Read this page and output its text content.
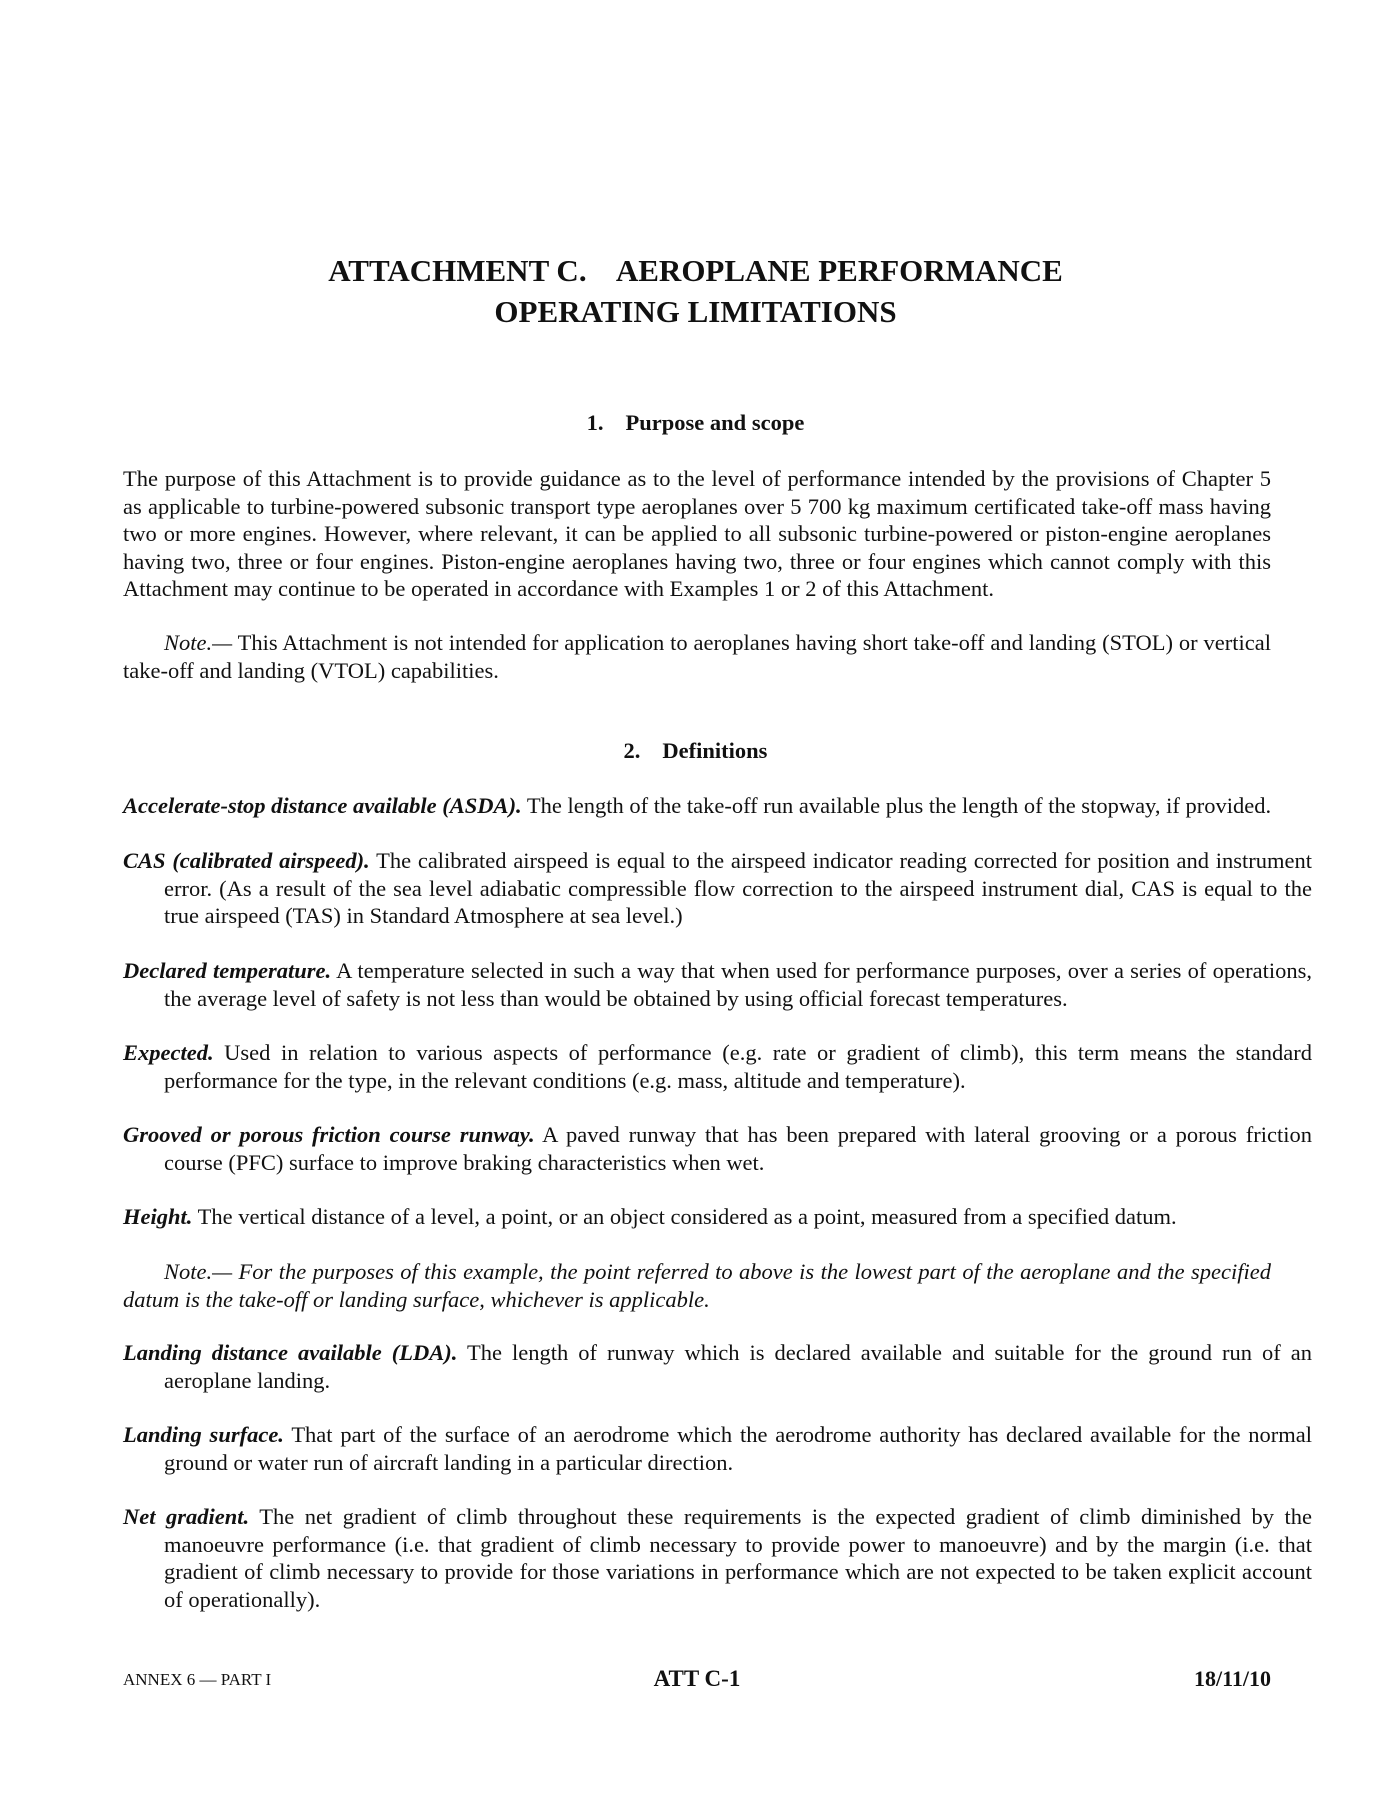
ATTACHMENT C.    AEROPLANE PERFORMANCE
OPERATING LIMITATIONS
1. Purpose and scope
The purpose of this Attachment is to provide guidance as to the level of performance intended by the provisions of Chapter 5 as applicable to turbine-powered subsonic transport type aeroplanes over 5 700 kg maximum certificated take-off mass having two or more engines. However, where relevant, it can be applied to all subsonic turbine-powered or piston-engine aeroplanes having two, three or four engines. Piston-engine aeroplanes having two, three or four engines which cannot comply with this Attachment may continue to be operated in accordance with Examples 1 or 2 of this Attachment.
Note.— This Attachment is not intended for application to aeroplanes having short take-off and landing (STOL) or vertical take-off and landing (VTOL) capabilities.
2. Definitions
Accelerate-stop distance available (ASDA). The length of the take-off run available plus the length of the stopway, if provided.
CAS (calibrated airspeed). The calibrated airspeed is equal to the airspeed indicator reading corrected for position and instrument error. (As a result of the sea level adiabatic compressible flow correction to the airspeed instrument dial, CAS is equal to the true airspeed (TAS) in Standard Atmosphere at sea level.)
Declared temperature. A temperature selected in such a way that when used for performance purposes, over a series of operations, the average level of safety is not less than would be obtained by using official forecast temperatures.
Expected. Used in relation to various aspects of performance (e.g. rate or gradient of climb), this term means the standard performance for the type, in the relevant conditions (e.g. mass, altitude and temperature).
Grooved or porous friction course runway. A paved runway that has been prepared with lateral grooving or a porous friction course (PFC) surface to improve braking characteristics when wet.
Height. The vertical distance of a level, a point, or an object considered as a point, measured from a specified datum.
Note.— For the purposes of this example, the point referred to above is the lowest part of the aeroplane and the specified datum is the take-off or landing surface, whichever is applicable.
Landing distance available (LDA). The length of runway which is declared available and suitable for the ground run of an aeroplane landing.
Landing surface. That part of the surface of an aerodrome which the aerodrome authority has declared available for the normal ground or water run of aircraft landing in a particular direction.
Net gradient. The net gradient of climb throughout these requirements is the expected gradient of climb diminished by the manoeuvre performance (i.e. that gradient of climb necessary to provide power to manoeuvre) and by the margin (i.e. that gradient of climb necessary to provide for those variations in performance which are not expected to be taken explicit account of operationally).
ANNEX 6 — PART I	ATT C-1	18/11/10
